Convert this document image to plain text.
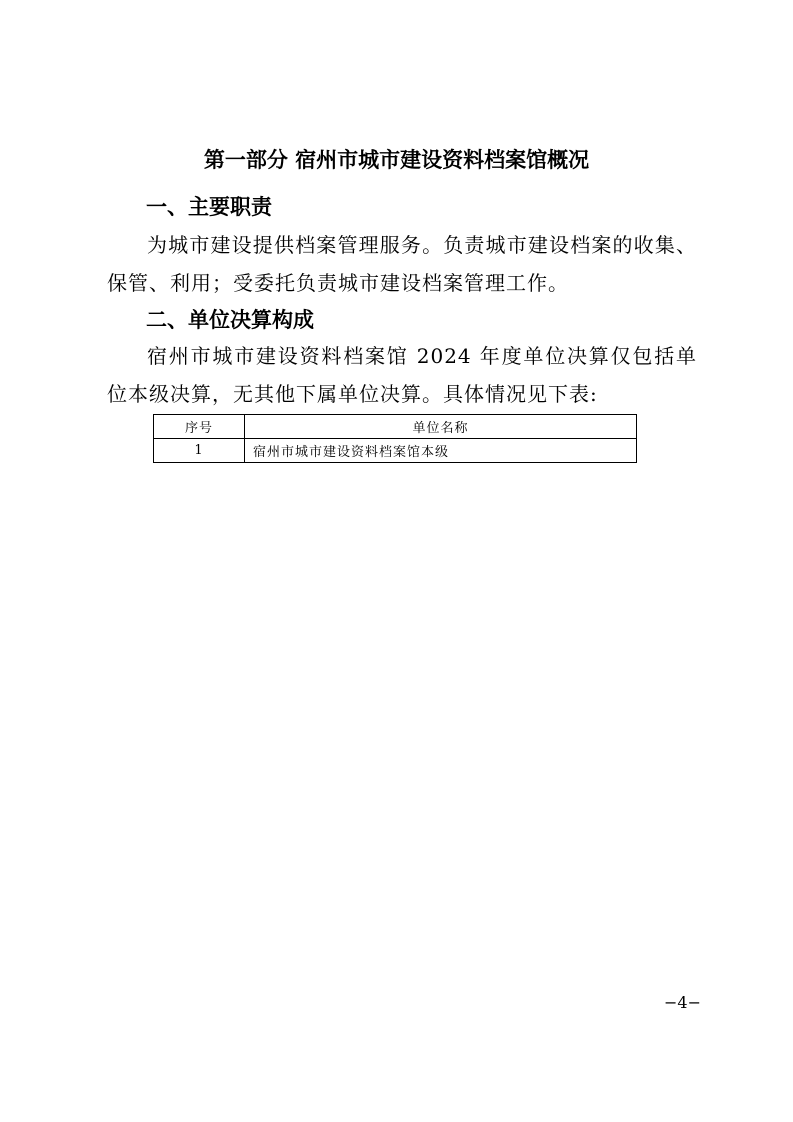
第一部分 宿州市城市建设资料档案馆概况
一、主要职责
为城市建设提供档案管理服务。负责城市建设档案的收集、保管、利用；受委托负责城市建设档案管理工作。
二、单位决算构成
宿州市城市建设资料档案馆 2024 年度单位决算仅包括单位本级决算，无其他下属单位决算。具体情况见下表:
序号	单位名称
1	宿州市城市建设资料档案馆本级
−4−
